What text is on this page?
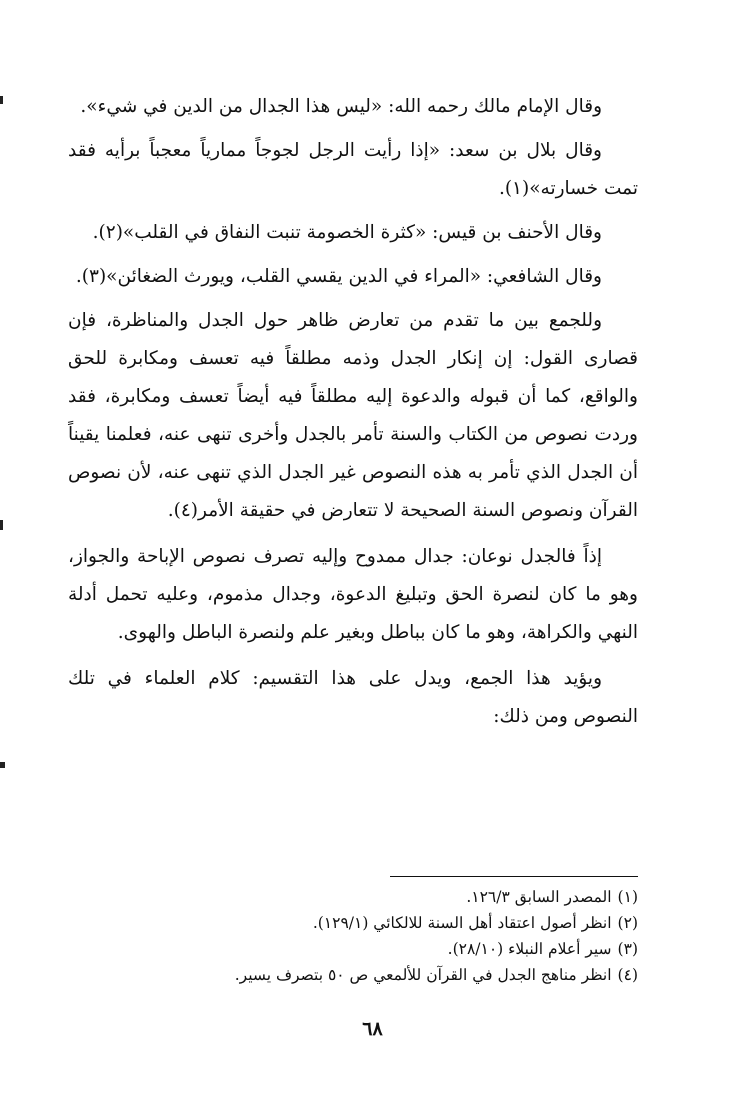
وقال الإمام مالك رحمه الله: «ليس هذا الجدال من الدين في شيء».

وقال بلال بن سعد: «إذا رأيت الرجل لجوجاً ممارياً معجباً برأيه فقد تمت خسارته»(١).

وقال الأحنف بن قيس: «كثرة الخصومة تنبت النفاق في القلب»(٢).

وقال الشافعي: «المراء في الدين يقسي القلب، ويورث الضغائن»(٣).

وللجمع بين ما تقدم من تعارض ظاهر حول الجدل والمناظرة، فإن قصارى القول: إن إنكار الجدل وذمه مطلقاً فيه تعسف ومكابرة للحق والواقع، كما أن قبوله والدعوة إليه مطلقاً فيه أيضاً تعسف ومكابرة، فقد وردت نصوص من الكتاب والسنة تأمر بالجدل وأخرى تنهى عنه، فعلمنا يقيناً أن الجدل الذي تأمر به هذه النصوص غير الجدل الذي تنهى عنه، لأن نصوص القرآن ونصوص السنة الصحيحة لا تتعارض في حقيقة الأمر(٤).

إذاً فالجدل نوعان: جدال ممدوح وإليه تصرف نصوص الإباحة والجواز، وهو ما كان لنصرة الحق وتبليغ الدعوة، وجدال مذموم، وعليه تحمل أدلة النهي والكراهة، وهو ما كان بباطل وبغير علم ولنصرة الباطل والهوى.

ويؤيد هذا الجمع، ويدل على هذا التقسيم: كلام العلماء في تلك النصوص ومن ذلك:

(١)المصدر السابق ١٢٦/٣.

(٢)انظر أصول اعتقاد أهل السنة للالكائي (١٢٩/١).

(٣)سير أعلام النبلاء (٢٨/١٠).

(٤)انظر مناهج الجدل في القرآن للألمعي ص ٥٠ بتصرف يسير.

٦٨
